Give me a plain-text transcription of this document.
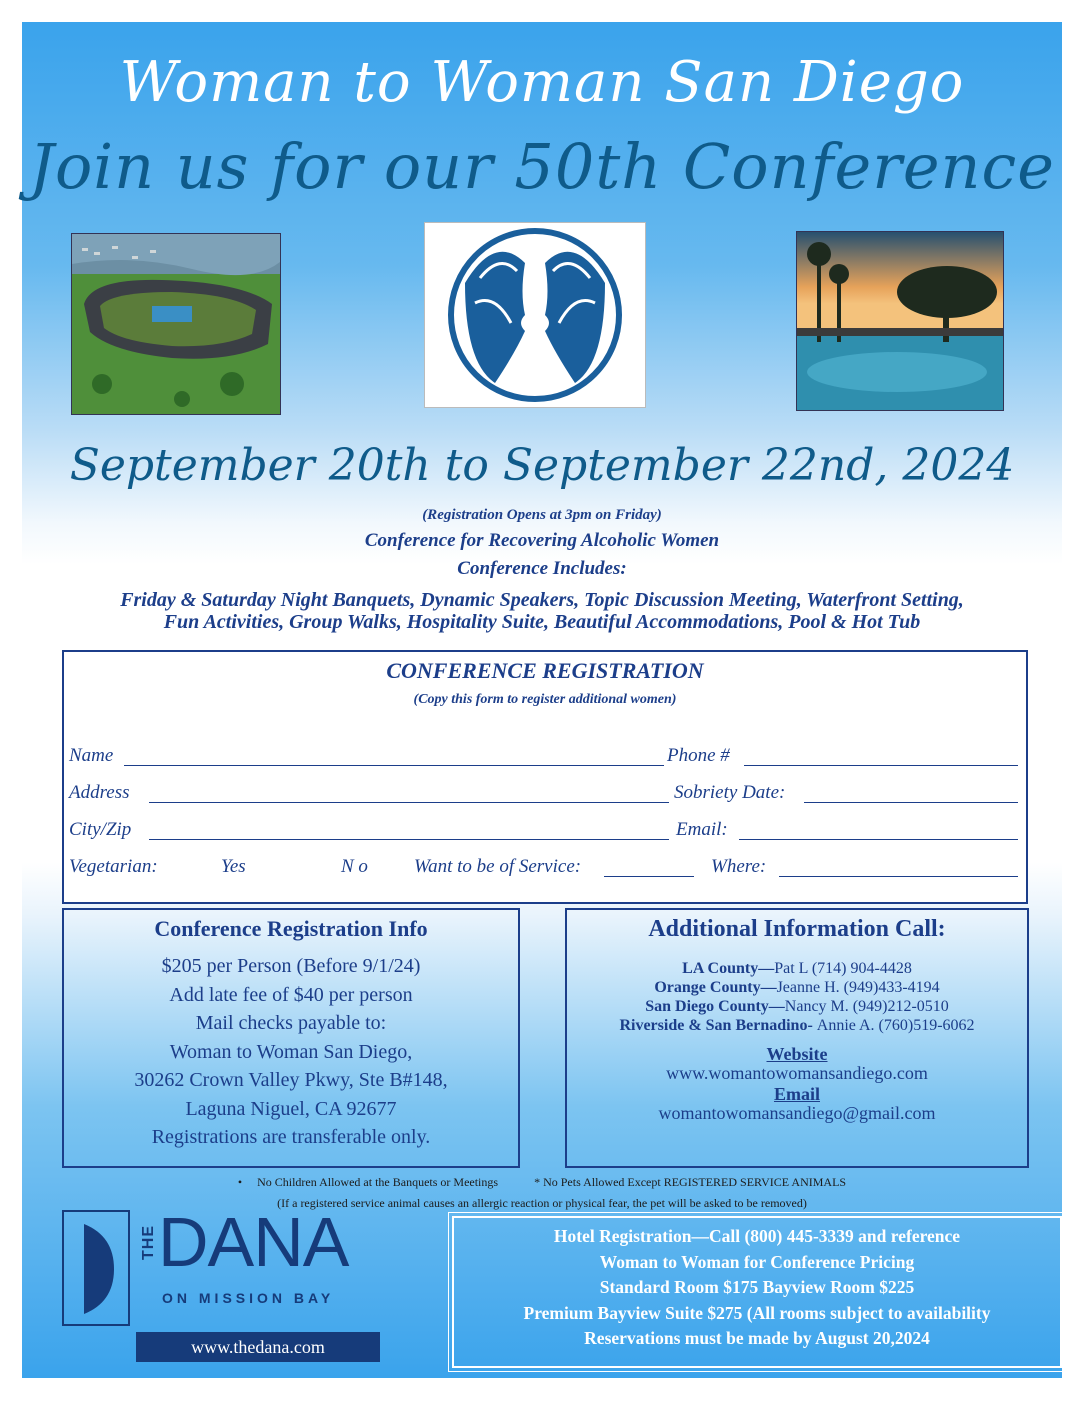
Woman to Woman San Diego
Join us for our 50th Conference
September 20th to September 22nd, 2024
(Registration Opens at 3pm on Friday)
Conference for Recovering Alcoholic Women
Conference Includes:
Friday & Saturday Night Banquets, Dynamic Speakers, Topic Discussion Meeting, Waterfront Setting,
Fun Activities, Group Walks, Hospitality Suite, Beautiful Accommodations, Pool & Hot Tub
CONFERENCE REGISTRATION
(Copy this form to register additional women)
Name	Phone #
Address	Sobriety Date:
City/Zip	Email:
Vegetarian:	Yes	N o Want to be of Service:	Where:
Conference Registration Info

$205 per Person (Before 9/1/24)

Add late fee of $40 per person

Mail checks payable to:

Woman to Woman San Diego,

30262 Crown Valley Pkwy, Ste B#148,

Laguna Niguel, CA 92677

Registrations are transferable only.

Additional Information Call:

LA County—Pat L (714) 904-4428

Orange County—Jeanne H. (949)433-4194

San Diego County—Nancy M. (949)212-0510

Riverside & San Bernadino- Annie A. (760)519-6062

Website

www.womantowomansandiego.com

Email

womantowomansandiego@gmail.com

• No Children Allowed at the Banquets or Meetings	* No Pets Allowed Except REGISTERED SERVICE ANIMALS
(If a registered service animal causes an allergic reaction or physical fear, the pet will be asked to be removed)
THE DANA
ON MISSION BAY
www.thedana.com

Hotel Registration—Call (800) 445-3339 and reference

Woman to Woman for Conference Pricing

Standard Room $175 Bayview Room $225

Premium Bayview Suite $275 (All rooms subject to availability

Reservations must be made by August 20,2024
